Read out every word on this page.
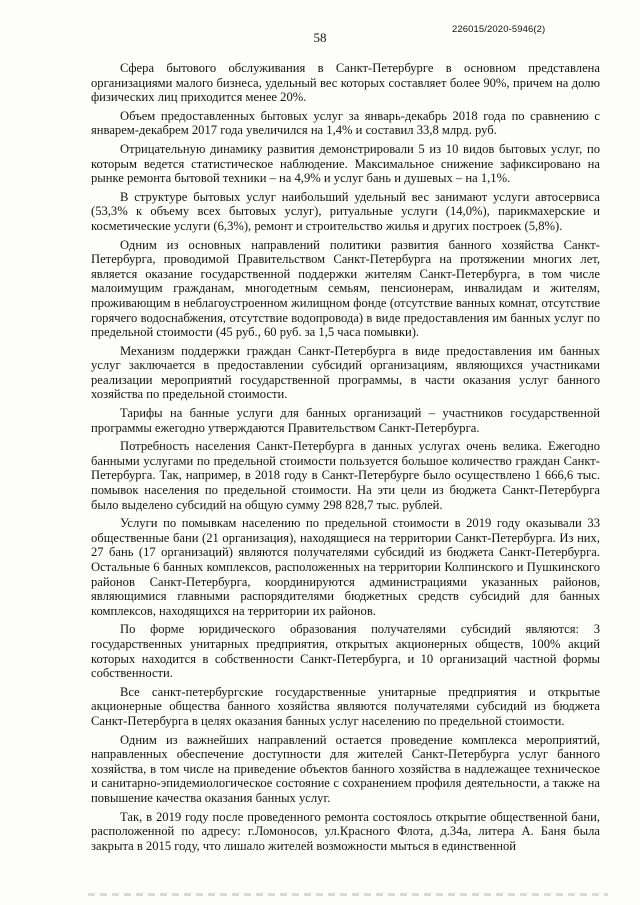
58
226015/2020-5946(2)

Сфера бытового обслуживания в Санкт-Петербурге в основном представлена организациями малого бизнеса, удельный вес которых составляет более 90%, причем на долю физических лиц приходится менее 20%.

Объем предоставленных бытовых услуг за январь-декабрь 2018 года по сравнению с январем-декабрем 2017 года увеличился на 1,4% и составил 33,8 млрд. руб.

Отрицательную динамику развития демонстрировали 5 из 10 видов бытовых услуг, по которым ведется статистическое наблюдение. Максимальное снижение зафиксировано на рынке ремонта бытовой техники – на 4,9% и услуг бань и душевых – на 1,1%.

В структуре бытовых услуг наибольший удельный вес занимают услуги автосервиса (53,3% к объему всех бытовых услуг), ритуальные услуги (14,0%), парикмахерские и косметические услуги (6,3%), ремонт и строительство жилья и других построек (5,8%).

Одним из основных направлений политики развития банного хозяйства Санкт-Петербурга, проводимой Правительством Санкт-Петербурга на протяжении многих лет, является оказание государственной поддержки жителям Санкт-Петербурга, в том числе малоимущим гражданам, многодетным семьям, пенсионерам, инвалидам и жителям, проживающим в неблагоустроенном жилищном фонде (отсутствие ванных комнат, отсутствие горячего водоснабжения, отсутствие водопровода) в виде предоставления им банных услуг по предельной стоимости (45 руб., 60 руб. за 1,5 часа помывки).

Механизм поддержки граждан Санкт-Петербурга в виде предоставления им банных услуг заключается в предоставлении субсидий организациям, являющихся участниками реализации мероприятий государственной программы, в части оказания услуг банного хозяйства по предельной стоимости.

Тарифы на банные услуги для банных организаций – участников государственной программы ежегодно утверждаются Правительством Санкт-Петербурга.

Потребность населения Санкт-Петербурга в данных услугах очень велика. Ежегодно банными услугами по предельной стоимости пользуется большое количество граждан Санкт-Петербурга. Так, например, в 2018 году в Санкт-Петербурге было осуществлено 1 666,6 тыс. помывок населения по предельной стоимости. На эти цели из бюджета Санкт-Петербурга было выделено субсидий на общую сумму 298 828,7 тыс. рублей.

Услуги по помывкам населению по предельной стоимости в 2019 году оказывали 33 общественные бани (21 организация), находящиеся на территории Санкт-Петербурга. Из них, 27 бань (17 организаций) являются получателями субсидий из бюджета Санкт-Петербурга. Остальные 6 банных комплексов, расположенных на территории Колпинского и Пушкинского районов Санкт-Петербурга, координируются администрациями указанных районов, являющимися главными распорядителями бюджетных средств субсидий для банных комплексов, находящихся на территории их районов.

По форме юридического образования получателями субсидий являются: 3 государственных унитарных предприятия, открытых акционерных обществ, 100% акций которых находится в собственности Санкт-Петербурга, и 10 организаций частной формы собственности.

Все санкт-петербургские государственные унитарные предприятия и открытые акционерные общества банного хозяйства являются получателями субсидий из бюджета Санкт-Петербурга в целях оказания банных услуг населению по предельной стоимости.

Одним из важнейших направлений остается проведение комплекса мероприятий, направленных обеспечение доступности для жителей Санкт-Петербурга услуг банного хозяйства, в том числе на приведение объектов банного хозяйства в надлежащее техническое и санитарно-эпидемиологическое состояние с сохранением профиля деятельности, а также на повышение качества оказания банных услуг.

Так, в 2019 году после проведенного ремонта состоялось открытие общественной бани, расположенной по адресу: г.Ломоносов, ул.Красного Флота, д.34а, литера А. Баня была закрыта в 2015 году, что лишало жителей возможности мыться в единственной
